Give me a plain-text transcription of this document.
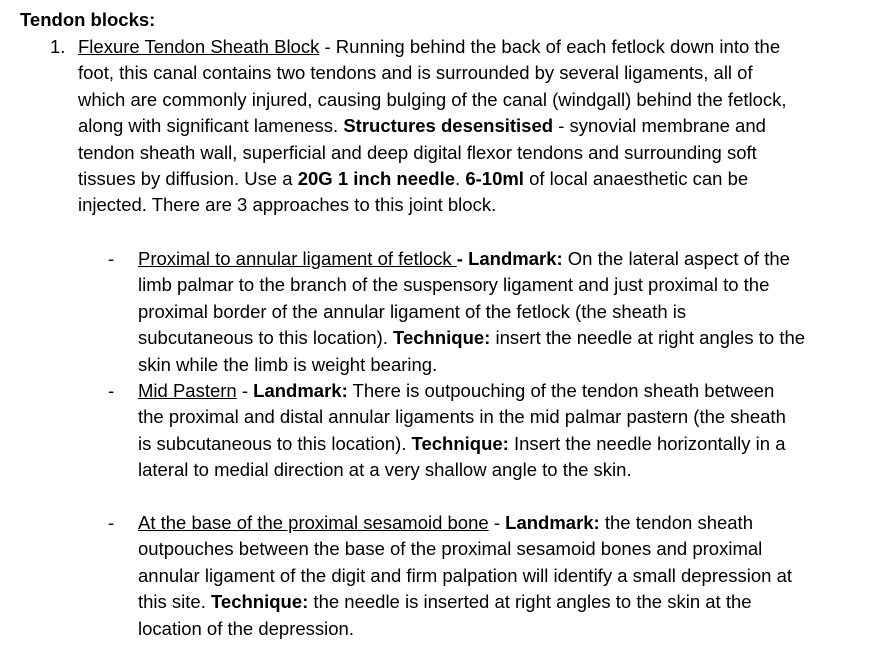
Tendon blocks:
1. Flexure Tendon Sheath Block - Running behind the back of each fetlock down into the foot, this canal contains two tendons and is surrounded by several ligaments, all of which are commonly injured, causing bulging of the canal (windgall) behind the fetlock, along with significant lameness. Structures desensitised - synovial membrane and tendon sheath wall, superficial and deep digital flexor tendons and surrounding soft tissues by diffusion. Use a 20G 1 inch needle. 6-10ml of local anaesthetic can be injected. There are 3 approaches to this joint block.
- Proximal to annular ligament of fetlock - Landmark: On the lateral aspect of the limb palmar to the branch of the suspensory ligament and just proximal to the proximal border of the annular ligament of the fetlock (the sheath is subcutaneous to this location). Technique: insert the needle at right angles to the skin while the limb is weight bearing.
- Mid Pastern - Landmark: There is outpouching of the tendon sheath between the proximal and distal annular ligaments in the mid palmar pastern (the sheath is subcutaneous to this location). Technique: Insert the needle horizontally in a lateral to medial direction at a very shallow angle to the skin.
- At the base of the proximal sesamoid bone - Landmark: the tendon sheath outpouches between the base of the proximal sesamoid bones and proximal annular ligament of the digit and firm palpation will identify a small depression at this site. Technique: the needle is inserted at right angles to the skin at the location of the depression.
